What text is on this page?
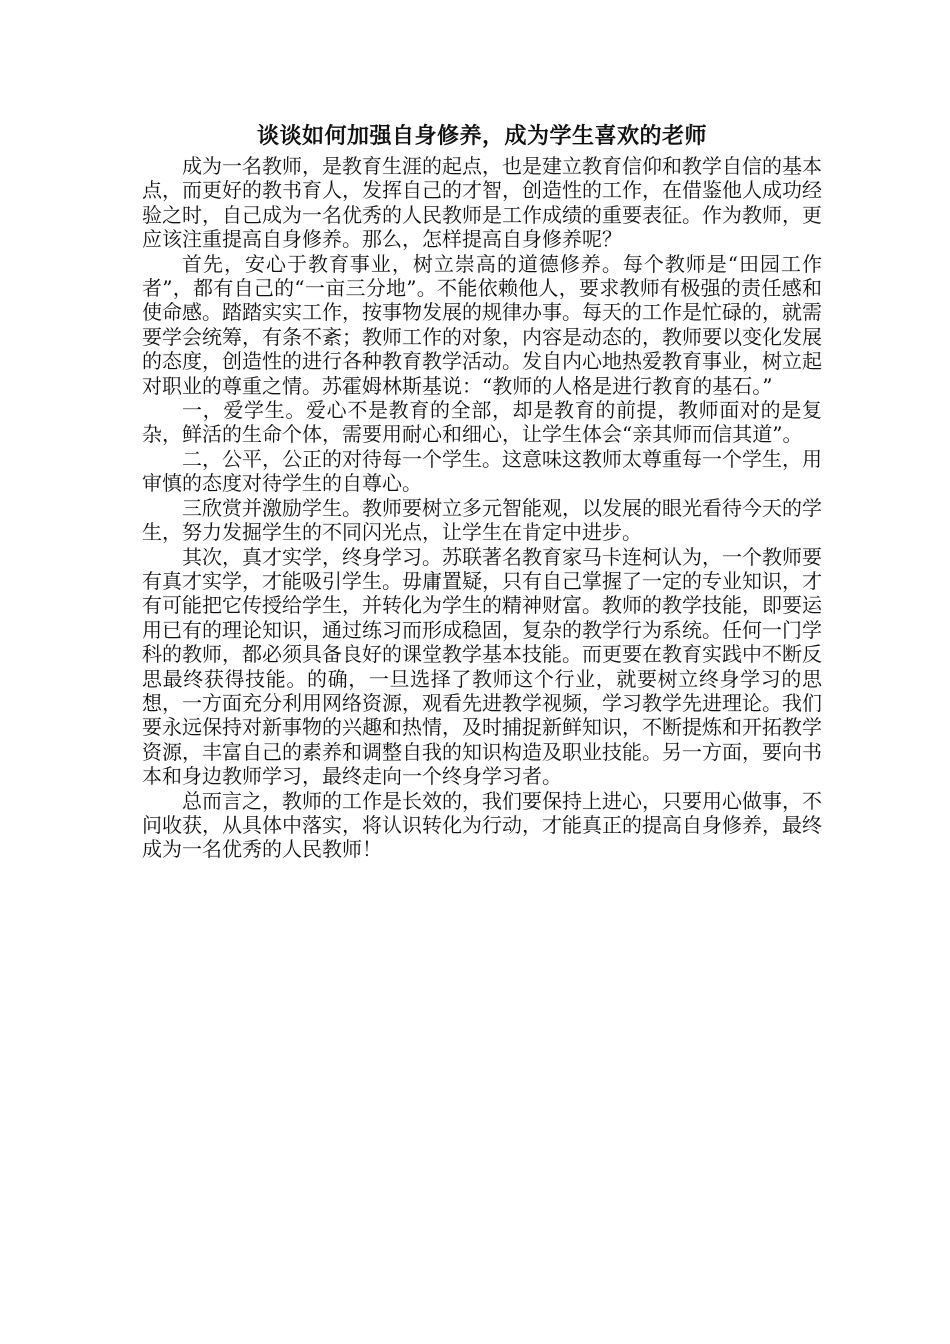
谈谈如何加强自身修养，成为学生喜欢的老师

成为一名教师，是教育生涯的起点，也是建立教育信仰和教学自信的基本点，而更好的教书育人，发挥自己的才智，创造性的工作，在借鉴他人成功经验之时，自己成为一名优秀的人民教师是工作成绩的重要表征。作为教师，更应该注重提高自身修养。那么，怎样提高自身修养呢？

首先，安心于教育事业，树立崇高的道德修养。每个教师是“田园工作者”，都有自己的“一亩三分地”。不能依赖他人，要求教师有极强的责任感和使命感。踏踏实实工作，按事物发展的规律办事。每天的工作是忙碌的，就需要学会统筹，有条不紊；教师工作的对象，内容是动态的，教师要以变化发展的态度，创造性的进行各种教育教学活动。发自内心地热爱教育事业，树立起对职业的尊重之情。苏霍姆林斯基说：“教师的人格是进行教育的基石。”

一，爱学生。爱心不是教育的全部，却是教育的前提，教师面对的是复杂，鲜活的生命个体，需要用耐心和细心，让学生体会“亲其师而信其道”。

二，公平，公正的对待每一个学生。这意味这教师太尊重每一个学生，用审慎的态度对待学生的自尊心。

三欣赏并激励学生。教师要树立多元智能观，以发展的眼光看待今天的学生，努力发掘学生的不同闪光点，让学生在肯定中进步。

其次，真才实学，终身学习。苏联著名教育家马卡连柯认为，一个教师要有真才实学，才能吸引学生。毋庸置疑，只有自己掌握了一定的专业知识，才有可能把它传授给学生，并转化为学生的精神财富。教师的教学技能，即要运用已有的理论知识，通过练习而形成稳固，复杂的教学行为系统。任何一门学科的教师，都必须具备良好的课堂教学基本技能。而更要在教育实践中不断反思最终获得技能。的确，一旦选择了教师这个行业，就要树立终身学习的思想，一方面充分利用网络资源，观看先进教学视频，学习教学先进理论。我们要永远保持对新事物的兴趣和热情，及时捕捉新鲜知识，不断提炼和开拓教学资源，丰富自己的素养和调整自我的知识构造及职业技能。另一方面，要向书本和身边教师学习，最终走向一个终身学习者。

总而言之，教师的工作是长效的，我们要保持上进心，只要用心做事，不问收获，从具体中落实，将认识转化为行动，才能真正的提高自身修养，最终成为一名优秀的人民教师！
